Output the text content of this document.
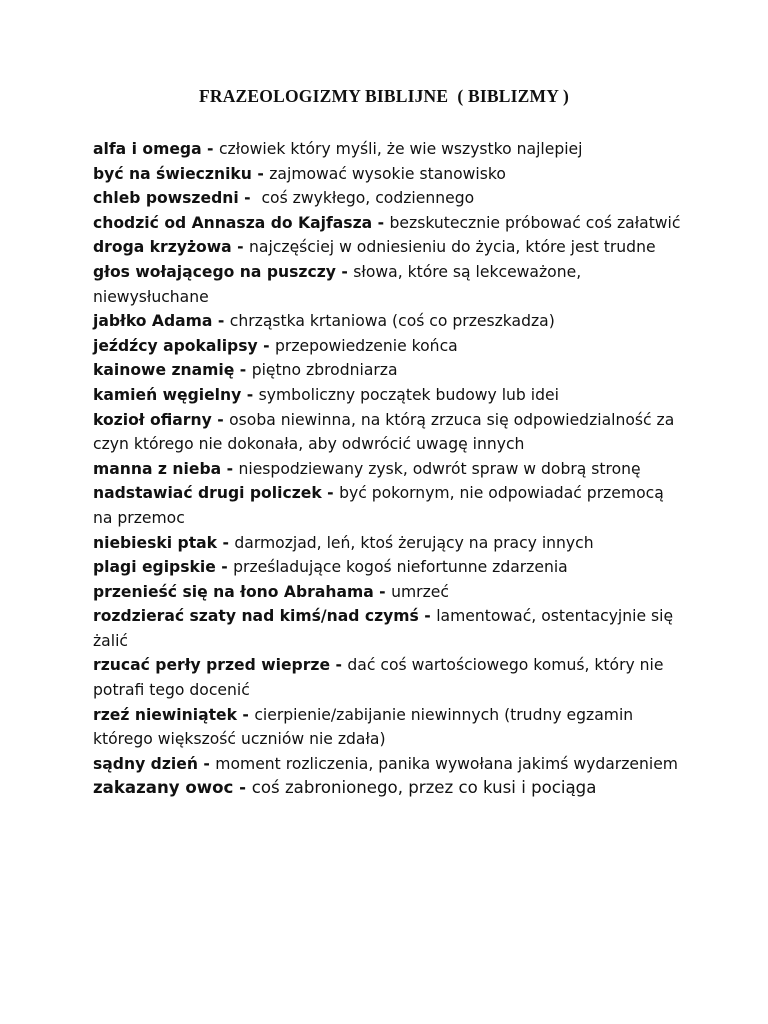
FRAZEOLOGIZMY BIBLIJNE  ( BIBLIZMY )
alfa i omega - człowiek który myśli, że wie wszystko najlepiej
być na świeczniku - zajmować wysokie stanowisko
chleb powszedni -  coś zwykłego, codziennego
chodzić od Annasza do Kajfasza - bezskutecznie próbować coś załatwić
droga krzyżowa - najczęściej w odniesieniu do życia, które jest trudne
głos wołającego na puszczy - słowa, które są lekceważone, niewysłuchane
jabłko Adama - chrząstka krtaniowa (coś co przeszkadza)
jeźdźcy apokalipsy - przepowiedzenie końca
kainowe znamię - piętno zbrodniarza
kamień węgielny - symboliczny początek budowy lub idei
kozioł ofiarny - osoba niewinna, na którą zrzuca się odpowiedzialność za czyn którego nie dokonała, aby odwrócić uwagę innych
manna z nieba - niespodziewany zysk, odwrót spraw w dobrą stronę
nadstawiać drugi policzek - być pokornym, nie odpowiadać przemocą na przemoc
niebieski ptak - darmozjad, leń, ktoś żerujący na pracy innych
plagi egipskie - prześladujące kogoś niefortunne zdarzenia
przenieść się na łono Abrahama - umrzeć
rozdzierać szaty nad kimś/nad czymś - lamentować, ostentacyjnie się żalić
rzucać perły przed wieprze - dać coś wartościowego komuś, który nie potrafi tego docenić
rzeź niewiniątek - cierpienie/zabijanie niewinnych (trudny egzamin którego większość uczniów nie zdała)
sądny dzień - moment rozliczenia, panika wywołana jakimś wydarzeniem
zakazany owoc - coś zabronionego, przez co kusi i pociąga
